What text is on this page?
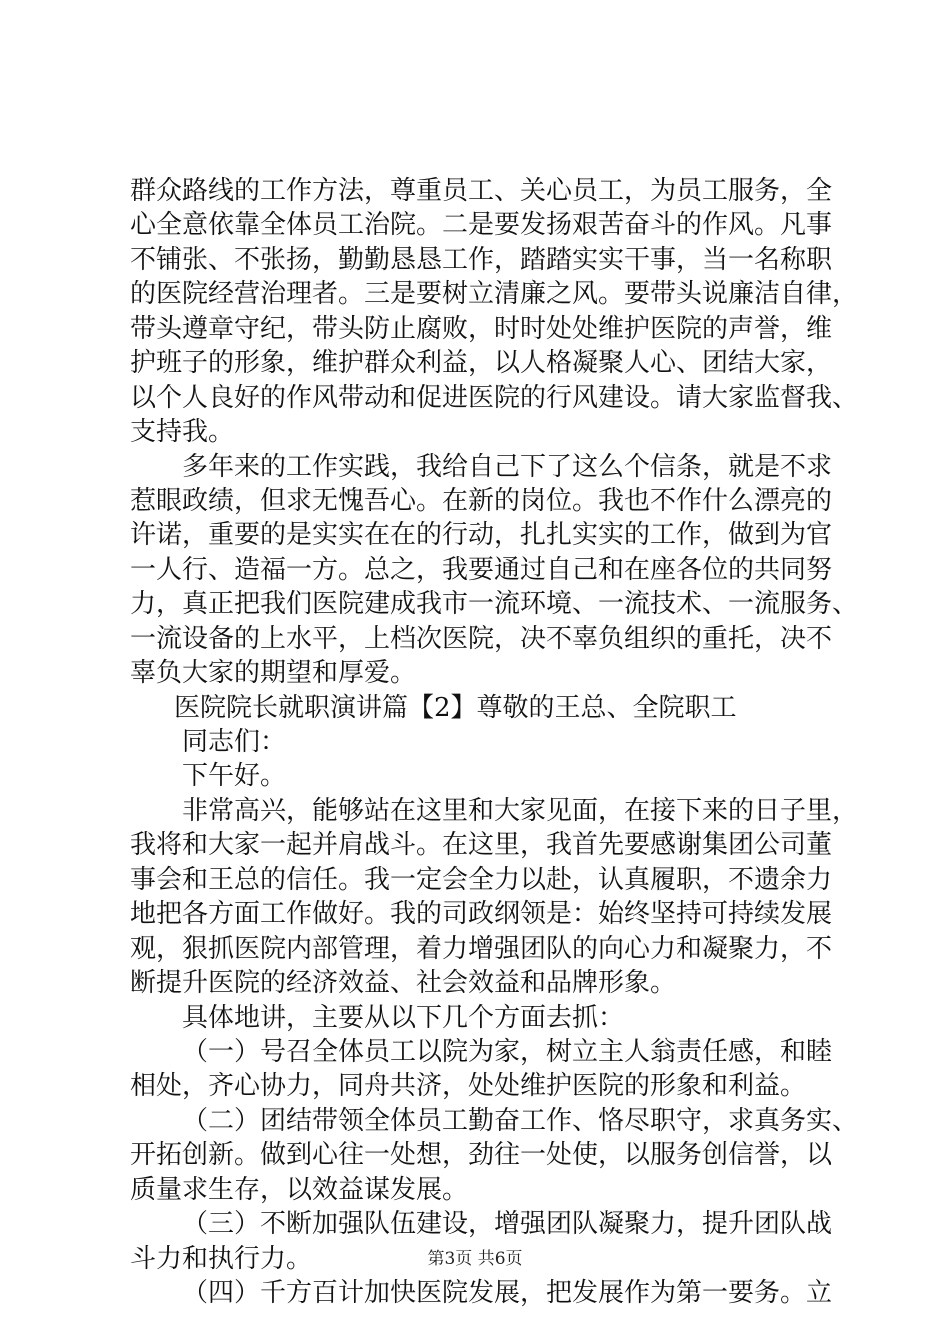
群众路线的工作方法，尊重员工、关心员工，为员工服务，全
心全意依靠全体员工治院。二是要发扬艰苦奋斗的作风。凡事
不铺张、不张扬，勤勤恳恳工作，踏踏实实干事，当一名称职
的医院经营治理者。三是要树立清廉之风。要带头说廉洁自律，
带头遵章守纪，带头防止腐败，时时处处维护医院的声誉，维
护班子的形象，维护群众利益，以人格凝聚人心、团结大家，
以个人良好的作风带动和促进医院的行风建设。请大家监督我、
支持我。
多年来的工作实践，我给自己下了这么个信条，就是不求
惹眼政绩，但求无愧吾心。在新的岗位。我也不作什么漂亮的
许诺，重要的是实实在在的行动，扎扎实实的工作，做到为官
一人行、造福一方。总之，我要通过自己和在座各位的共同努
力，真正把我们医院建成我市一流环境、一流技术、一流服务、
一流设备的上水平，上档次医院，决不辜负组织的重托，决不
辜负大家的期望和厚爱。
医院院长就职演讲篇【2】尊敬的王总、全院职工
同志们：
下午好。
非常高兴，能够站在这里和大家见面，在接下来的日子里，
我将和大家一起并肩战斗。在这里，我首先要感谢集团公司董
事会和王总的信任。我一定会全力以赴，认真履职，不遗余力
地把各方面工作做好。我的司政纲领是：始终坚持可持续发展
观，狠抓医院内部管理，着力增强团队的向心力和凝聚力，不
断提升医院的经济效益、社会效益和品牌形象。
具体地讲，主要从以下几个方面去抓：
（一）号召全体员工以院为家，树立主人翁责任感，和睦
相处，齐心协力，同舟共济，处处维护医院的形象和利益。
（二）团结带领全体员工勤奋工作、恪尽职守，求真务实、
开拓创新。做到心往一处想，劲往一处使，以服务创信誉，以
质量求生存，以效益谋发展。
（三）不断加强队伍建设，增强团队凝聚力，提升团队战
斗力和执行力。
（四）千方百计加快医院发展，把发展作为第一要务。立
第3页 共6页
